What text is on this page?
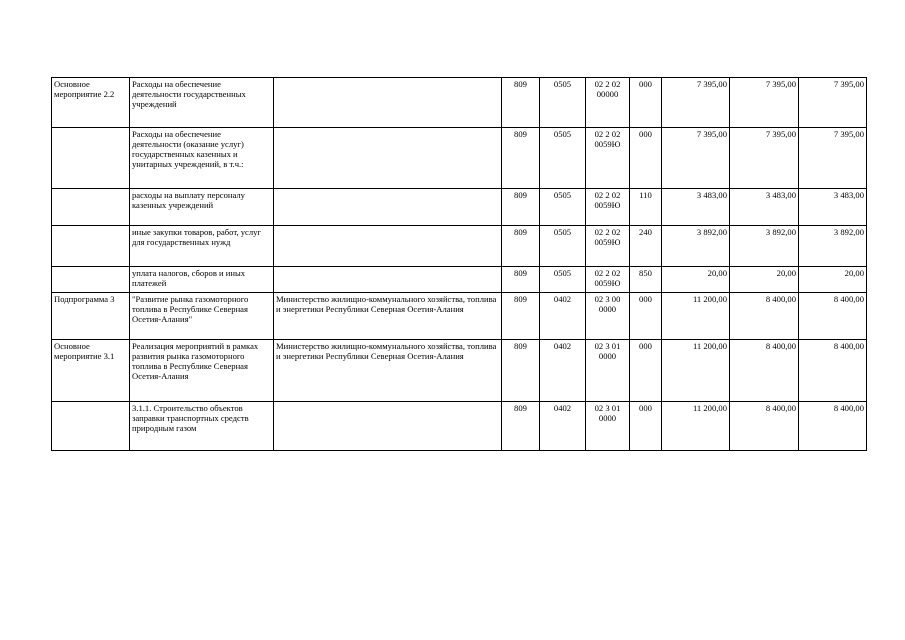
Основное мероприятие 2.2	Расходы на обеспечение деятельности государственных учреждений		809	0505	02 2 02 00000	000	7 395,00	7 395,00	7 395,00
	Расходы на обеспечение деятельности (оказание услуг) государственных казенных и унитарных учреждений, в т.ч.:		809	0505	02 2 02 0059Ю	000	7 395,00	7 395,00	7 395,00
	расходы на выплату персоналу казенных учреждений		809	0505	02 2 02 0059Ю	110	3 483,00	3 483,00	3 483,00
	иные закупки товаров, работ, услуг для государственных нужд		809	0505	02 2 02 0059Ю	240	3 892,00	3 892,00	3 892,00
	уплата налогов, сборов и иных платежей		809	0505	02 2 02 0059Ю	850	20,00	20,00	20,00
Подпрограмма 3	"Развитие рынка газомоторного топлива в Республике Северная Осетия-Алания"	Министерство жилищно-коммунального хозяйства, топлива и энергетики Республики Северная Осетия-Алания	809	0402	02 3 00 0000	000	11 200,00	8 400,00	8 400,00
Основное мероприятие 3.1	Реализация мероприятий в рамках развития рынка газомоторного топлива в Республике Северная Осетия-Алания	Министерство жилищно-коммунального хозяйства, топлива и энергетики Республики Северная Осетия-Алания	809	0402	02 3 01 0000	000	11 200,00	8 400,00	8 400,00
	3.1.1. Строительство объектов заправки транспортных средств природным газом		809	0402	02 3 01 0000	000	11 200,00	8 400,00	8 400,00
